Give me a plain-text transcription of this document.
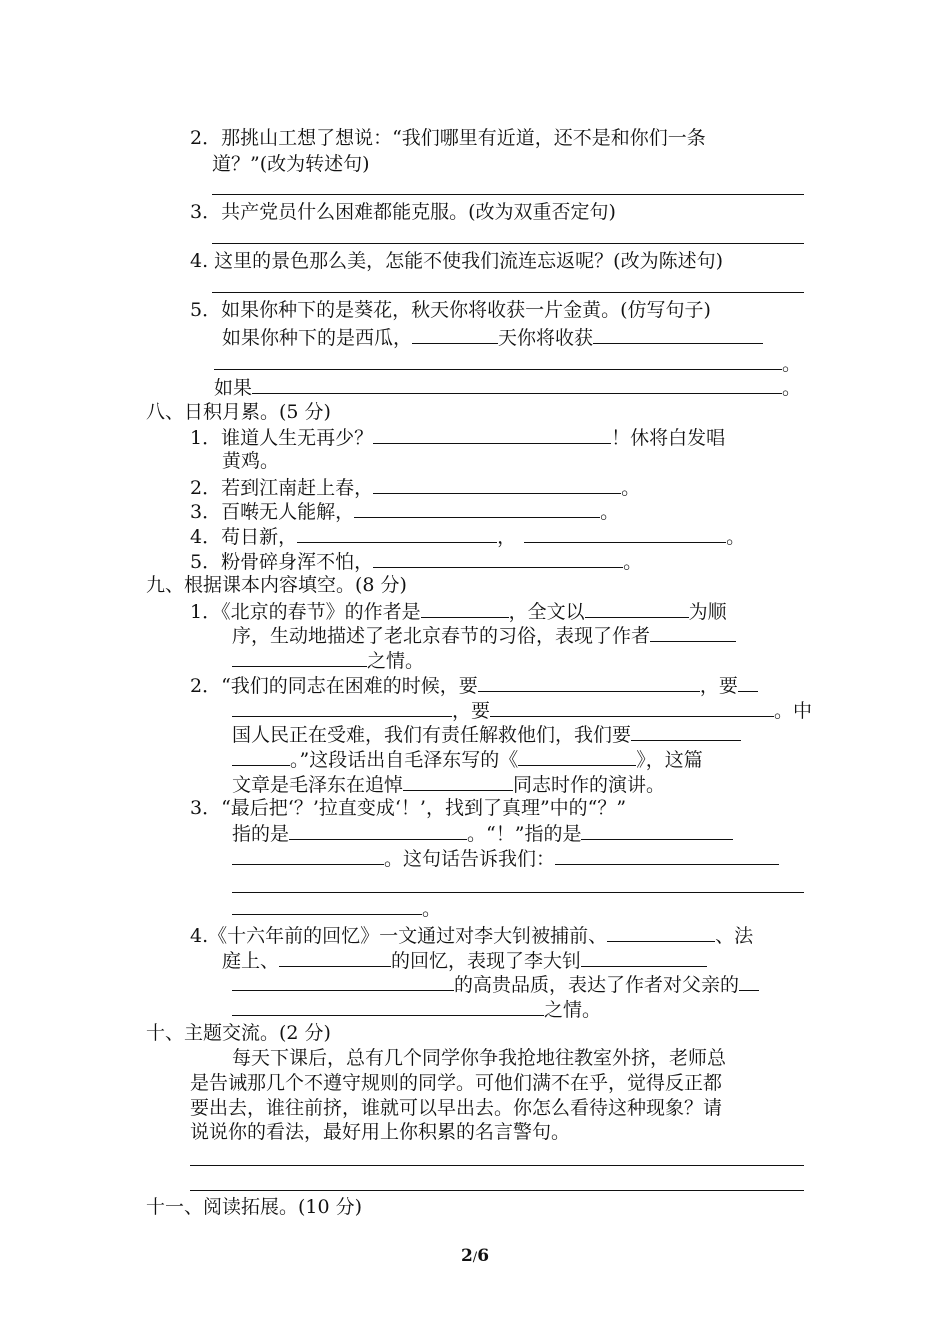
2．那挑山工想了想说：“我们哪里有近道，还不是和你们一条
道？”(改为转述句)
3．共产党员什么困难都能克服。(改为双重否定句)
4. 这里的景色那么美，怎能不使我们流连忘返呢？(改为陈述句)
5．如果你种下的是葵花，秋天你将收获一片金黄。(仿写句子)
如果你种下的是西瓜，	天你将收获
。
如果	。
八、日积月累。(5 分)
1．谁道人生无再少？	！休将白发唱
黄鸡。
2．若到江南赶上春，	。
3．百啭无人能解，	。
4．苟日新，	，	。
5．粉骨碎身浑不怕，	。
九、根据课本内容填空。(8 分)
1．《北京的春节》的作者是	，全文以	为顺
序，生动地描述了老北京春节的习俗，表现了作者
之情。
2．“我们的同志在困难的时候，要	，要
，要	。中
国人民正在受难，我们有责任解救他们，我们要
。”这段话出自毛泽东写的《	》，这篇
文章是毛泽东在追悼	同志时作的演讲。
3．“最后把‘？’拉直变成‘！’，找到了真理”中的“？”
指的是	。“！”指的是
。这句话告诉我们：
。
4.《十六年前的回忆》一文通过对李大钊被捕前、	、法
庭上、	的回忆，表现了李大钊
的高贵品质，表达了作者对父亲的
之情。
十、主题交流。(2 分)
每天下课后，总有几个同学你争我抢地往教室外挤，老师总
是告诫那几个不遵守规则的同学。可他们满不在乎，觉得反正都
要出去，谁往前挤，谁就可以早出去。你怎么看待这种现象？请
说说你的看法，最好用上你积累的名言警句。
十一、阅读拓展。(10 分)
2/6
